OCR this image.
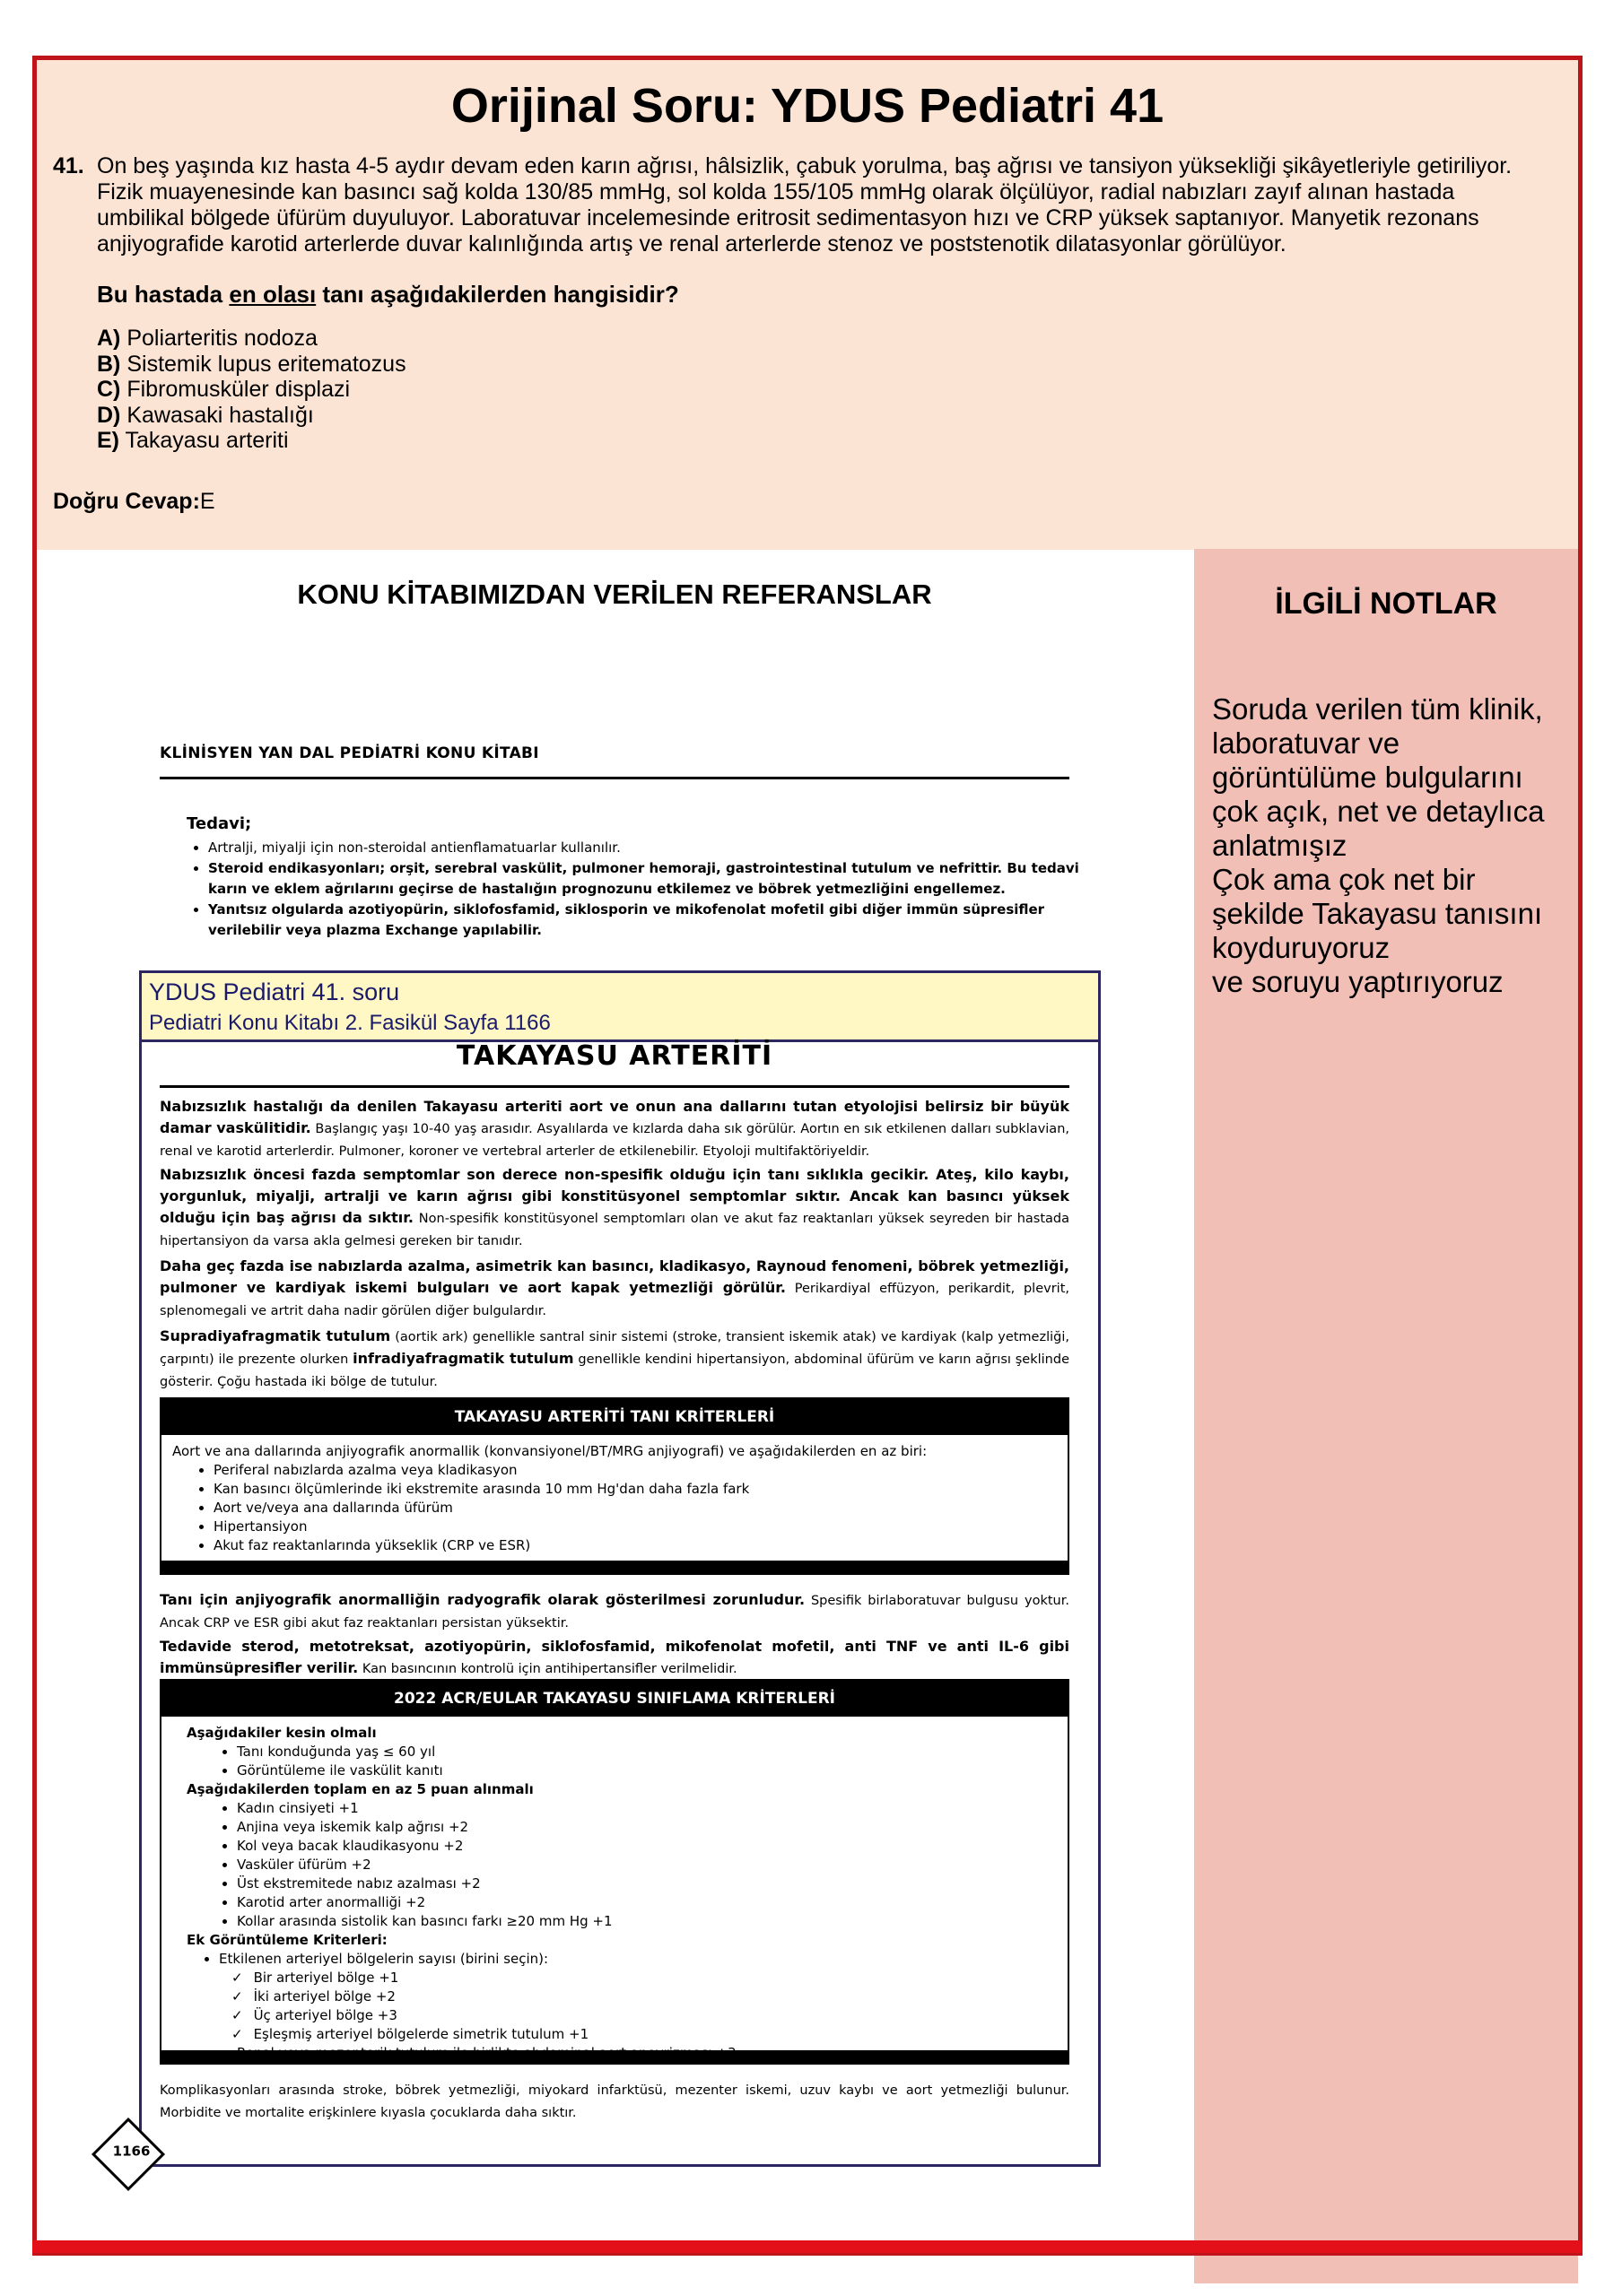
Orijinal Soru: YDUS Pediatri 41
41. On beş yaşında kız hasta 4-5 aydır devam eden karın ağrısı, hâlsizlik, çabuk yorulma, baş ağrısı ve tansiyon yüksekliği şikâyetleriyle getiriliyor. Fizik muayenesinde kan basıncı sağ kolda 130/85 mmHg, sol kolda 155/105 mmHg olarak ölçülüyor, radial nabızları zayıf alınan hastada umbilikal bölgede üfürüm duyuluyor. Laboratuvar incelemesinde eritrosit sedimentasyon hızı ve CRP yüksek saptanıyor. Manyetik rezonans anjiyografide karotid arterlerde duvar kalınlığında artış ve renal arterlerde stenoz ve poststenotik dilatasyonlar görülüyor.
Bu hastada en olası tanı aşağıdakilerden hangisidir?
A) Poliarteritis nodoza
B) Sistemik lupus eritematozus
C) Fibromusküler displazi
D) Kawasaki hastalığı
E) Takayasu arteriti
Doğru Cevap:E
KONU KİTABIMIZDAN VERİLEN REFERANSLAR	İLGİLİ NOTLAR
Soruda verilen tüm klinik, laboratuvar ve görüntülüme bulgularını çok açık, net ve detaylıca anlatmışız
Çok ama çok net bir şekilde Takayasu tanısını koyduruyoruz
ve soruyu yaptırıyoruz
KLİNİSYEN YAN DAL PEDİATRİ KONU KİTABI
Tedavi;
• Artralji, miyalji için non-steroidal antienflamatuarlar kullanılır.
• Steroid endikasyonları; orşit, serebral vaskülit, pulmoner hemoraji, gastrointestinal tutulum ve nefrittir. Bu tedavi karın ve eklem ağrılarını geçirse de hastalığın prognozunu etkilemez ve böbrek yetmezliğini engellemez.
• Yanıtsız olgularda azotiyopürin, siklofosfamid, siklosporin ve mikofenolat mofetil gibi diğer immün süpresifler verilebilir veya plazma Exchange yapılabilir.
YDUS Pediatri 41. soru
Pediatri Konu Kitabı 2. Fasikül Sayfa 1166
TAKAYASU ARTERİTİ
Nabızsızlık hastalığı da denilen Takayasu arteriti aort ve onun ana dallarını tutan etyolojisi belirsiz bir büyük damar vaskülitidir. Başlangıç yaşı 10-40 yaş arasıdır. Asyalılarda ve kızlarda daha sık görülür. Aortın en sık etkilenen dalları subklavian, renal ve karotid arterlerdir. Pulmoner, koroner ve vertebral arterler de etkilenebilir. Etyoloji multifaktöriyeldir.
Nabızsızlık öncesi fazda semptomlar son derece non-spesifik olduğu için tanı sıklıkla gecikir. Ateş, kilo kaybı, yorgunluk, miyalji, artralji ve karın ağrısı gibi konstitüsyonel semptomlar sıktır. Ancak kan basıncı yüksek olduğu için baş ağrısı da sıktır. Non-spesifik konstitüsyonel semptomları olan ve akut faz reaktanları yüksek seyreden bir hastada hipertansiyon da varsa akla gelmesi gereken bir tanıdır.
Daha geç fazda ise nabızlarda azalma, asimetrik kan basıncı, kladikasyo, Raynoud fenomeni, böbrek yetmezliği, pulmoner ve kardiyak iskemi bulguları ve aort kapak yetmezliği görülür. Perikardiyal effüzyon, perikardit, plevrit, splenomegali ve artrit daha nadir görülen diğer bulgulardır.
Supradiyafragmatik tutulum (aortik ark) genellikle santral sinir sistemi (stroke, transient iskemik atak) ve kardiyak (kalp yetmezliği, çarpıntı) ile prezente olurken infradiyafragmatik tutulum genellikle kendini hipertansiyon, abdominal üfürüm ve karın ağrısı şeklinde gösterir. Çoğu hastada iki bölge de tutulur.
TAKAYASU ARTERİTİ TANI KRİTERLERİ
Aort ve ana dallarında anjiyografik anormallik (konvansiyonel/BT/MRG anjiyografi) ve aşağıdakilerden en az biri:
• Periferal nabızlarda azalma veya kladikasyon
• Kan basıncı ölçümlerinde iki ekstremite arasında 10 mm Hg'dan daha fazla fark
• Aort ve/veya ana dallarında üfürüm
• Hipertansiyon
• Akut faz reaktanlarında yükseklik (CRP ve ESR)
Tanı için anjiyografik anormalliğin radyografik olarak gösterilmesi zorunludur. Spesifik birlaboratuvar bulgusu yoktur. Ancak CRP ve ESR gibi akut faz reaktanları persistan yüksektir.
Tedavide sterod, metotreksat, azotiyopürin, siklofosfamid, mikofenolat mofetil, anti TNF ve anti IL-6 gibi immünsüpresifler verilir. Kan basıncının kontrolü için antihipertansifler verilmelidir.
2022 ACR/EULAR TAKAYASU SINIFLAMA KRİTERLERİ
Aşağıdakiler kesin olmalı
• Tanı konduğunda yaş ≤ 60 yıl
• Görüntüleme ile vaskülit kanıtı
Aşağıdakilerden toplam en az 5 puan alınmalı
• Kadın cinsiyeti +1
• Anjina veya iskemik kalp ağrısı +2
• Kol veya bacak klaudikasyonu +2
• Vasküler üfürüm +2
• Üst ekstremitede nabız azalması +2
• Karotid arter anormalliği +2
• Kollar arasında sistolik kan basıncı farkı ≥20 mm Hg +1
Ek Görüntüleme Kriterleri:
• Etkilenen arteriyel bölgelerin sayısı (birini seçin):
✓ Bir arteriyel bölge +1
✓ İki arteriyel bölge +2
✓ Üç arteriyel bölge +3
✓ Eşleşmiş arteriyel bölgelerde simetrik tutulum +1
•
Komplikasyonları arasında stroke, böbrek yetmezliği, miyokard infarktüsü, mezenter iskemi, uzuv kaybı ve aort yetmezliği bulunur. Morbidite ve mortalite erişkinlere kıyasla çocuklarda daha sıktır.
1166
